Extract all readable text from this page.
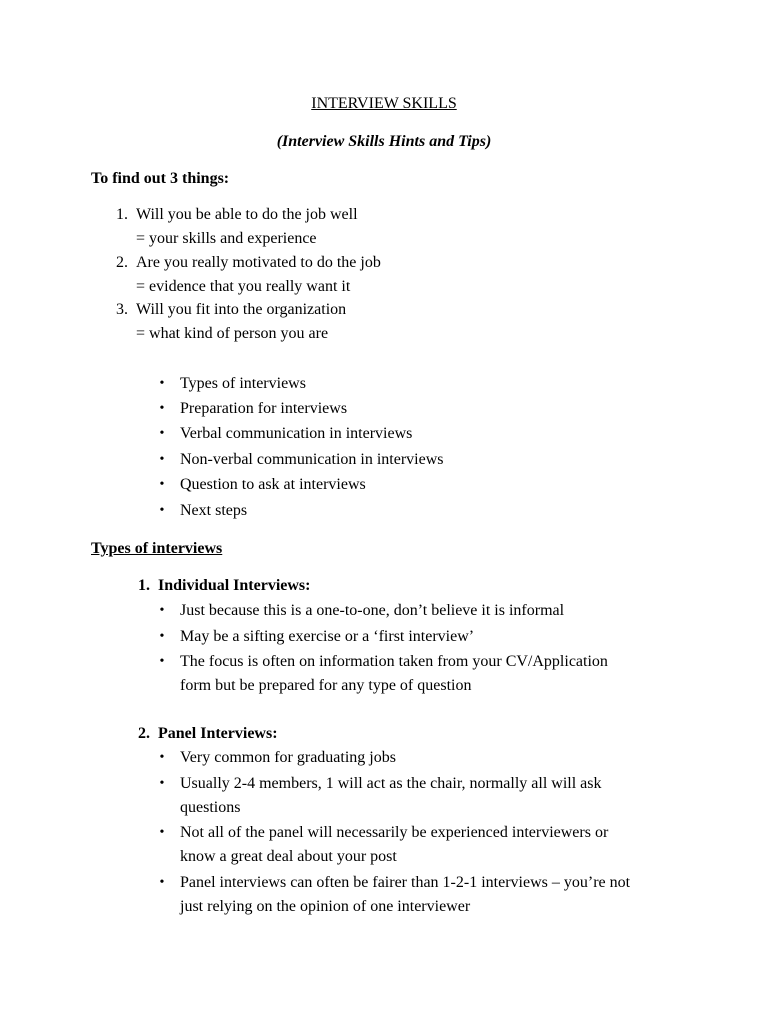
INTERVIEW SKILLS
(Interview Skills Hints and Tips)
To find out 3 things:
1. Will you be able to do the job well
= your skills and experience
2. Are you really motivated to do the job
= evidence that you really want it
3. Will you fit into the organization
= what kind of person you are
• Types of interviews
• Preparation for interviews
• Verbal communication in interviews
• Non-verbal communication in interviews
• Question to ask at interviews
• Next steps
Types of interviews
1. Individual Interviews:
• Just because this is a one-to-one, don’t believe it is informal
• May be a sifting exercise or a ‘first interview’
• The focus is often on information taken from your CV/Application
form but be prepared for any type of question
2. Panel Interviews:
• Very common for graduating jobs
• Usually 2-4 members, 1 will act as the chair, normally all will ask
questions
• Not all of the panel will necessarily be experienced interviewers or
know a great deal about your post
• Panel interviews can often be fairer than 1-2-1 interviews – you’re not
just relying on the opinion of one interviewer
